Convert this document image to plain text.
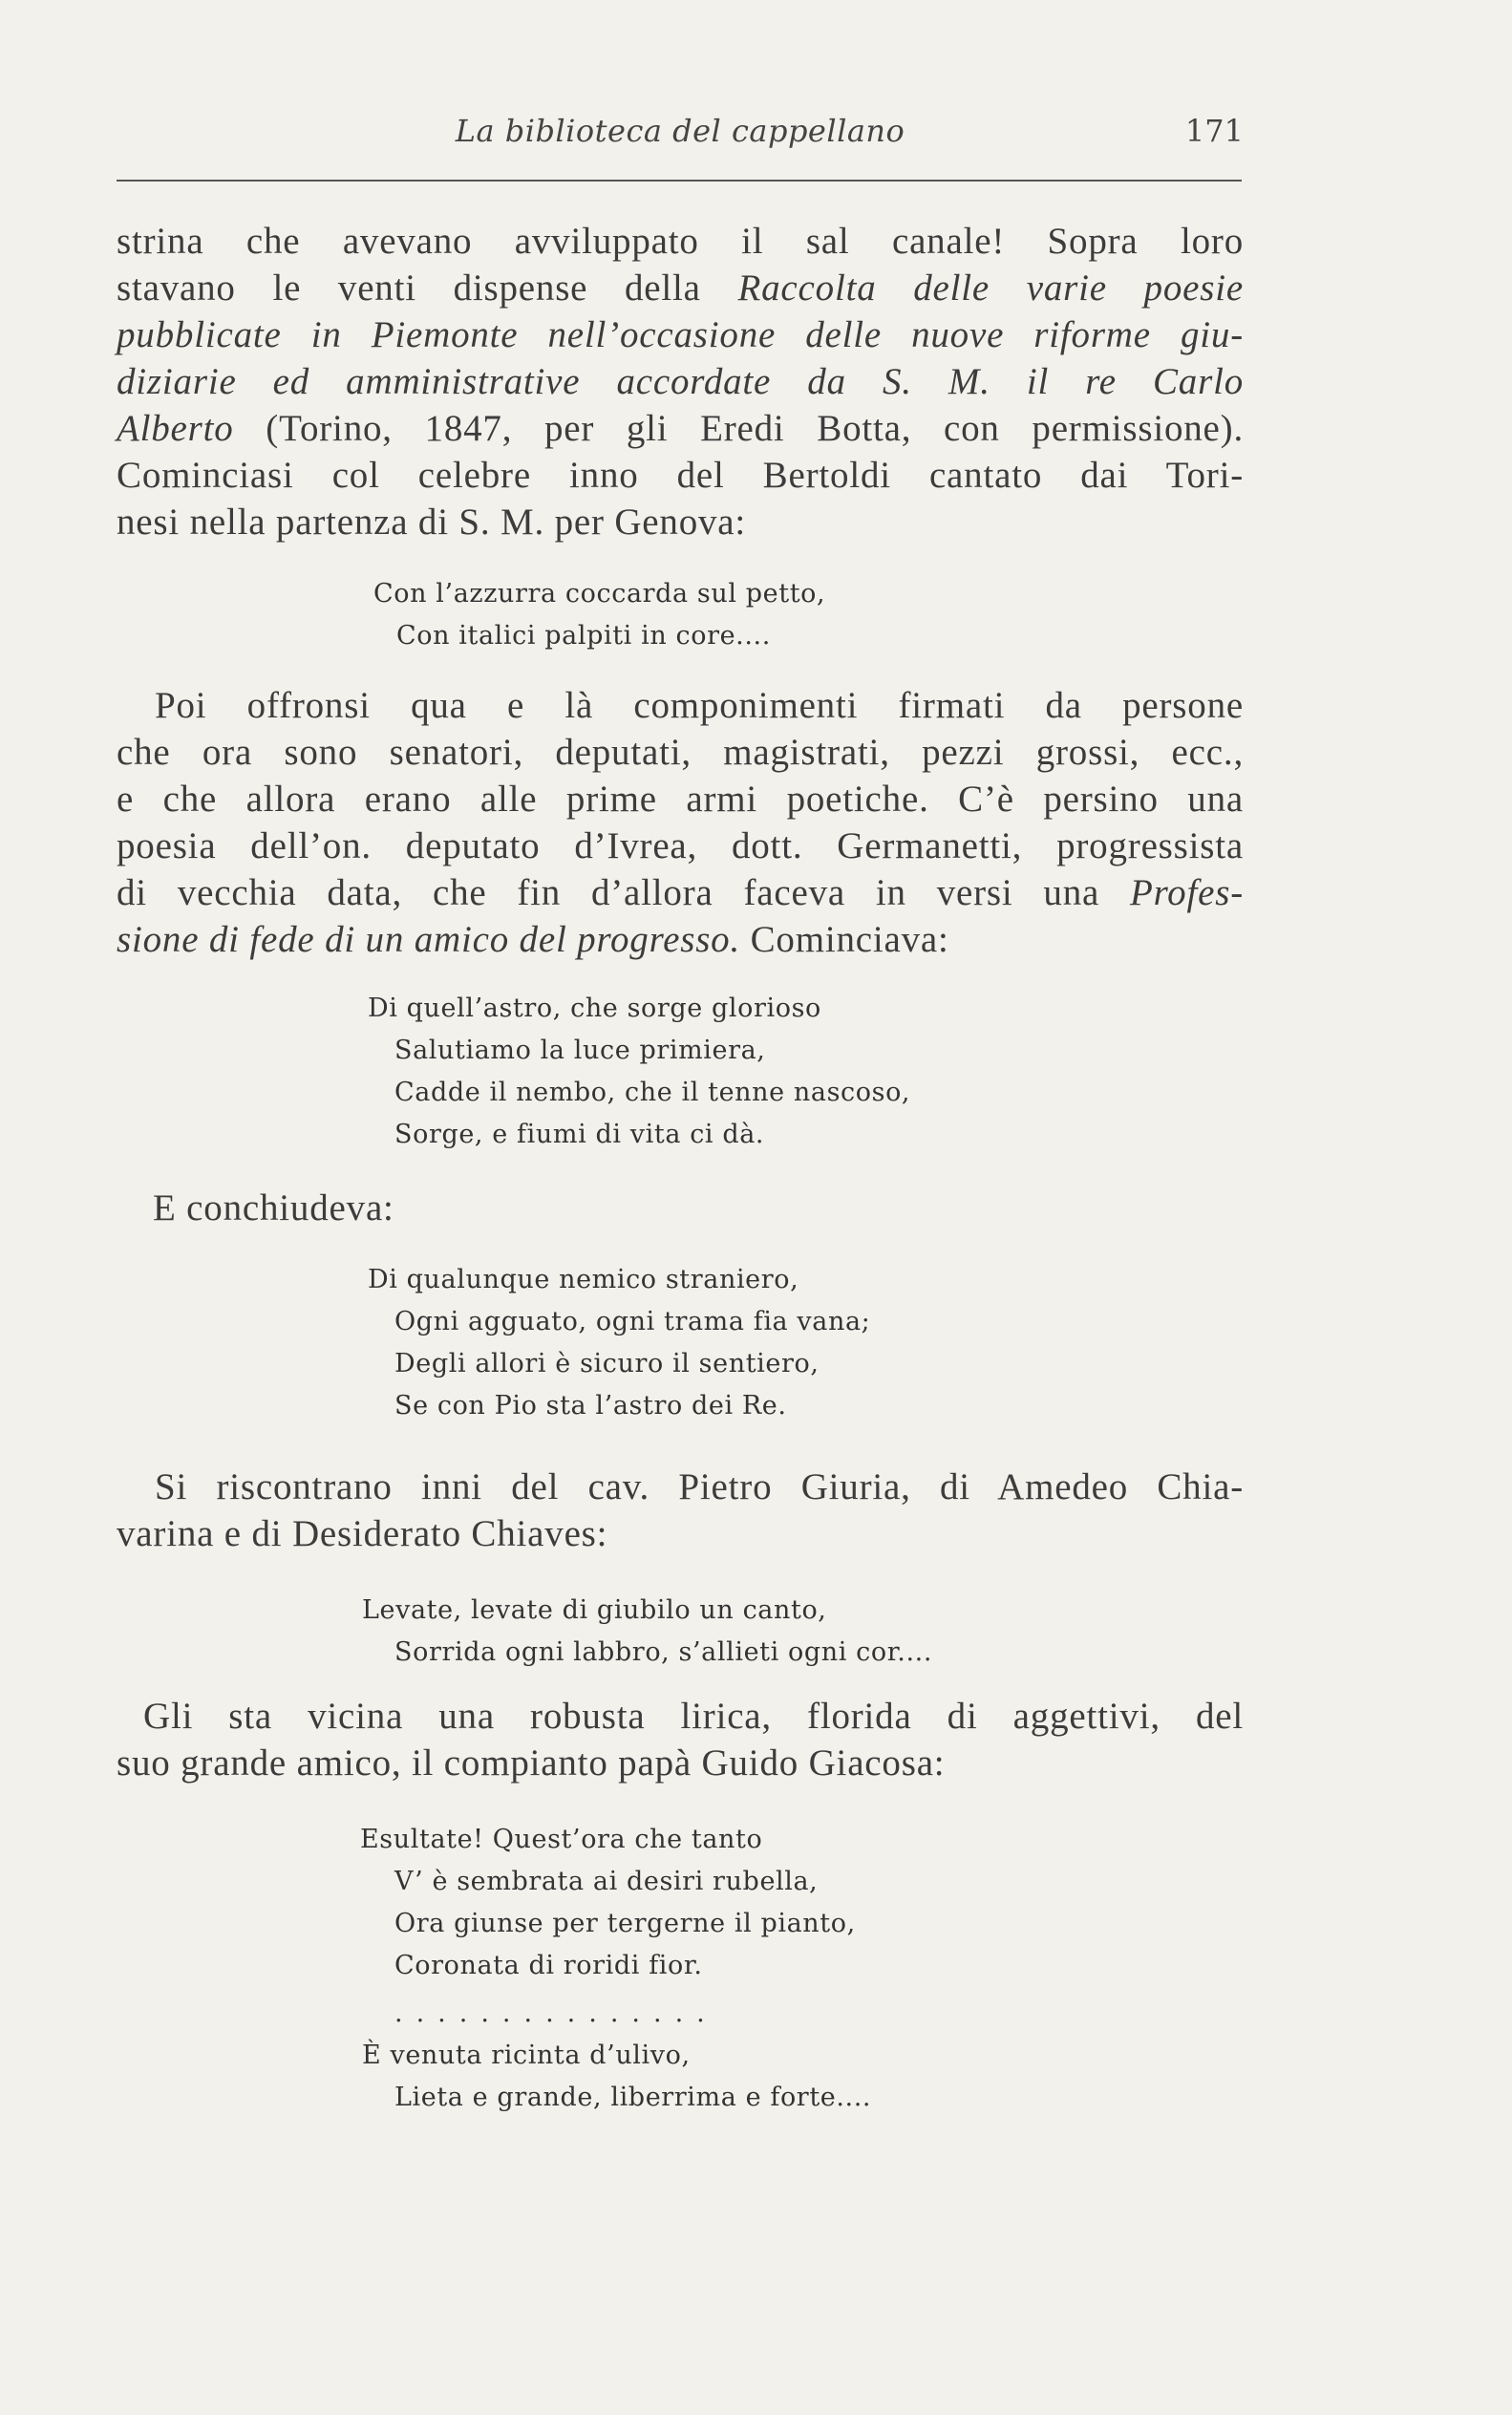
La biblioteca del cappellano	171
strina che avevano avviluppato il sal canale! Sopra loro
stavano le venti dispense della Raccolta delle varie poesie
pubblicate in Piemonte nell’occasione delle nuove riforme giu-
diziarie ed amministrative accordate da S. M. il re Carlo
Alberto (Torino, 1847, per gli Eredi Botta, con permissione).
Cominciasi col celebre inno del Bertoldi cantato dai Tori-
nesi nella partenza di S. M. per Genova:
Con l’azzurra coccarda sul petto,
Con italici palpiti in core....
Poi offronsi qua e là componimenti firmati da persone
che ora sono senatori, deputati, magistrati, pezzi grossi, ecc.,
e che allora erano alle prime armi poetiche. C’è persino una
poesia dell’on. deputato d’Ivrea, dott. Germanetti, progressista
di vecchia data, che fin d’allora faceva in versi una Profes-
sione di fede di un amico del progresso. Cominciava:
Di quell’astro, che sorge glorioso
Salutiamo la luce primiera,
Cadde il nembo, che il tenne nascoso,
Sorge, e fiumi di vita ci dà.
E conchiudeva:
Di qualunque nemico straniero,
Ogni agguato, ogni trama fia vana;
Degli allori è sicuro il sentiero,
Se con Pio sta l’astro dei Re.
Si riscontrano inni del cav. Pietro Giuria, di Amedeo Chia-
varina e di Desiderato Chiaves:
Levate, levate di giubilo un canto,
Sorrida ogni labbro, s’allieti ogni cor....
Gli sta vicina una robusta lirica, florida di aggettivi, del
suo grande amico, il compianto papà Guido Giacosa:
Esultate! Quest’ora che tanto
V’ è sembrata ai desiri rubella,
Ora giunse per tergerne il pianto,
Coronata di roridi fior.
...............
È venuta ricinta d’ulivo,
Lieta e grande, liberrima e forte....
